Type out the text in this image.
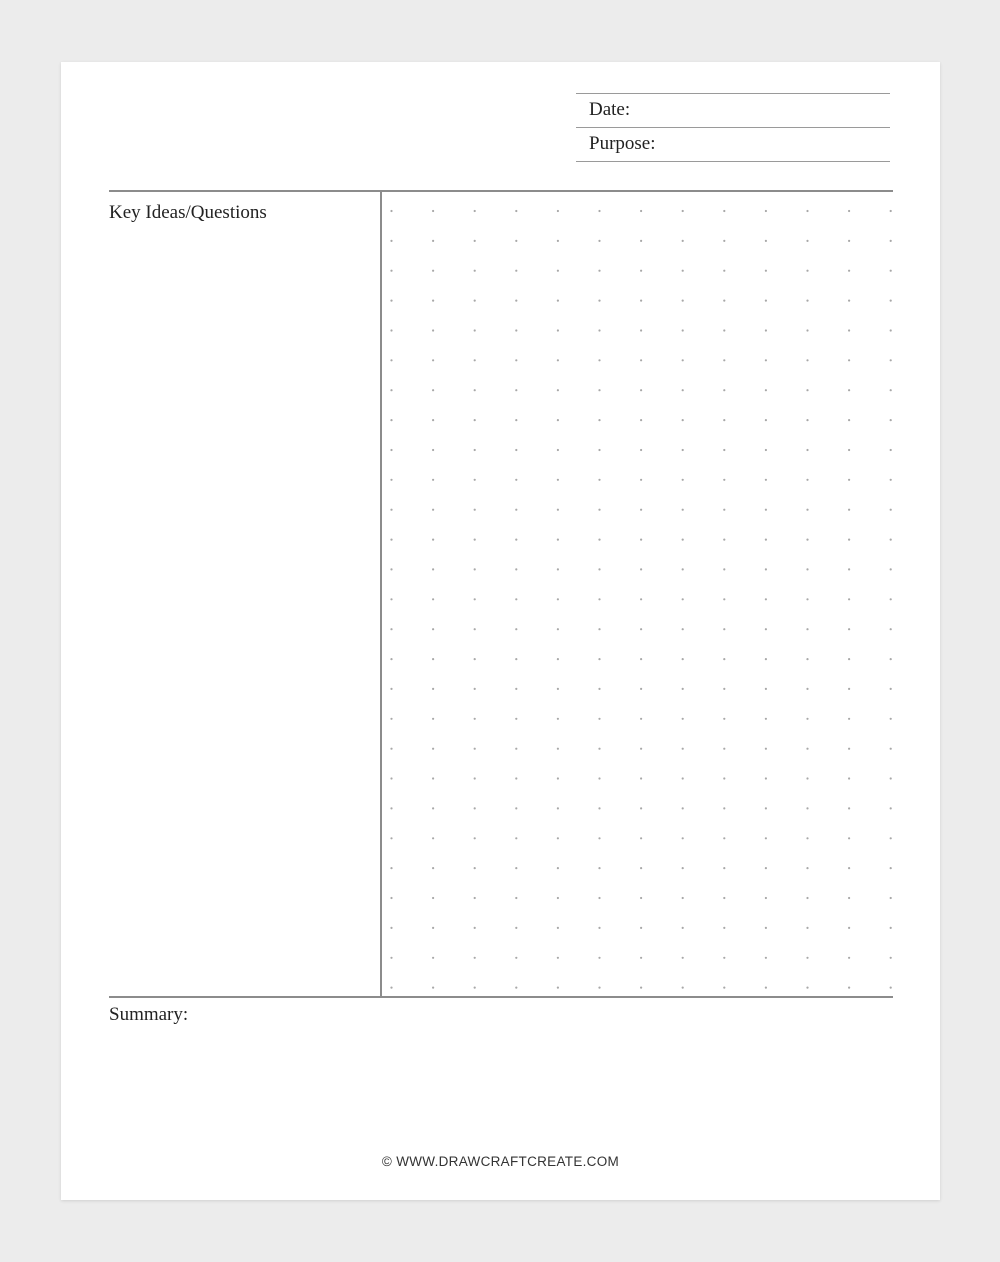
Date:
Purpose:
Key Ideas/Questions
Summary:
© WWW.DRAWCRAFTCREATE.COM
